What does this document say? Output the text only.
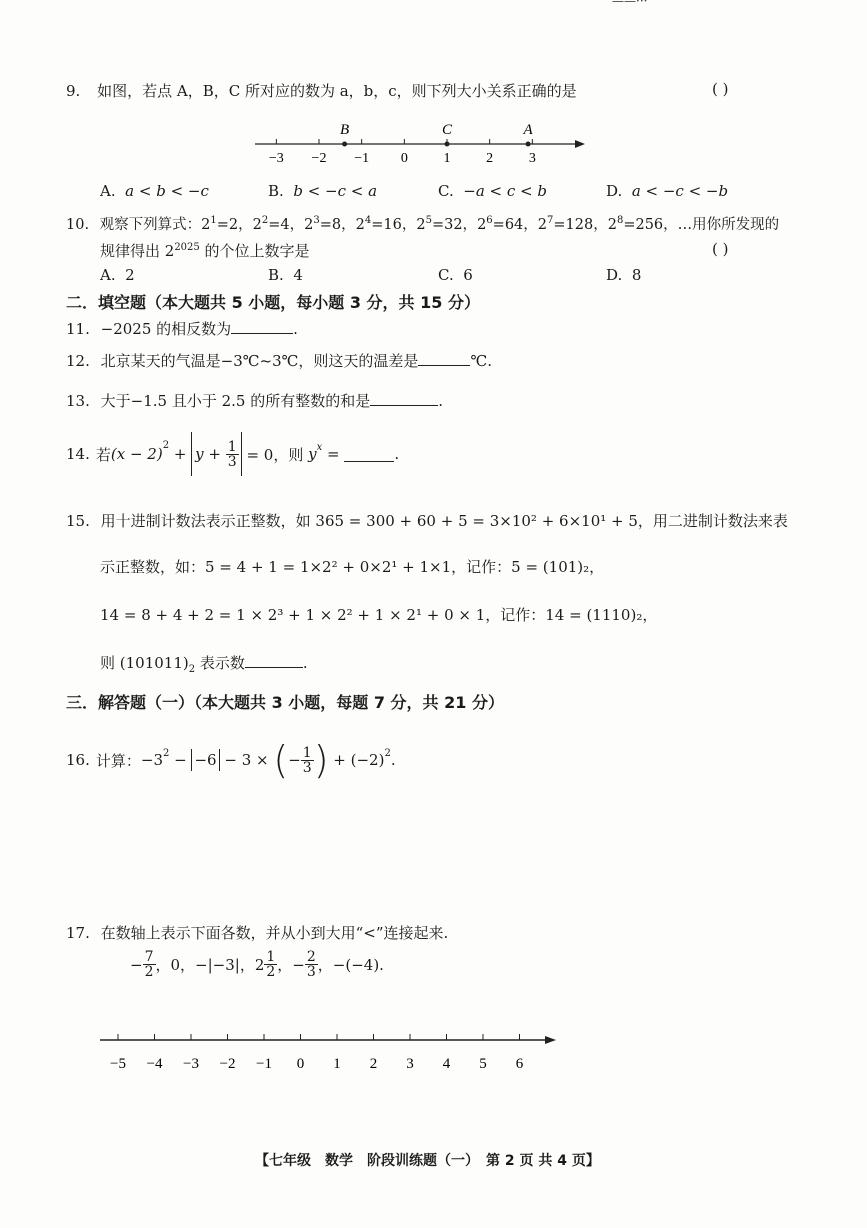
——···
9. 如图，若点 A，B，C 所对应的数为 a，b，c，则下列大小关系正确的是	( )
−3 −2 −1 0	1	2	3
B	C	A
A. a < b < −c	B. b < −c < a	C. −a < c < b	D. a < −c < −b
10. 观察下列算式：$2^1=2$，$2^2=4$，$2^3=8$，$2^4=16$，$2^5=32$，$2^6=64$，$2^7=128$，$2^8=256$，…用你所发现的
规律得出 $2^{2025}$ 的个位上数字是	( )
A. 2	B. 4	C. 6	D. 8
二．填空题（本大题共 5 小题，每小题 3 分，共 15 分）
11. −2025 的相反数为	.
12. 北京某天的气温是−3℃~3℃，则这天的温差是	℃.
13. 大于−1.5 且小于 2.5 的所有整数的和是	.
14. 若 $(x - 2)^2 + y + \frac{1}{3} = 0$，则 $y^x$ =	.
15. 用十进制计数法表示正整数，如 365 = 300 + 60 + 5 = 3×10² + 6×10¹ + 5，用二进制计数法来表
示正整数，如：5 = 4 + 1 = 1×2² + 0×2¹ + 1×1，记作：5 = (101)₂，
14 = 8 + 4 + 2 = 1 × 2³ + 1 × 2² + 1 × 2¹ + 0 × 1，记作：14 = (1110)₂，
则 $(101011)_2$ 表示数	.
三．解答题（一）（本大题共 3 小题，每题 7 分，共 21 分）
16. 计算： $-3^2 - -6 - 3$ × ( − $\frac{1}{3}$ ) + $(-2)^2$ .
17. 在数轴上表示下面各数，并从小到大用“<”连接起来.
− $\frac{7}{2}$ ，0，−|−3|，$2 \frac{1}{2}$ ，− $\frac{2}{3}$ ，−(−4).
−5 −4 −3 −2 −1 0 1 2 3 4 5 6
【七年级　数学　阶段训练题（一）　第 2 页 共 4 页】
